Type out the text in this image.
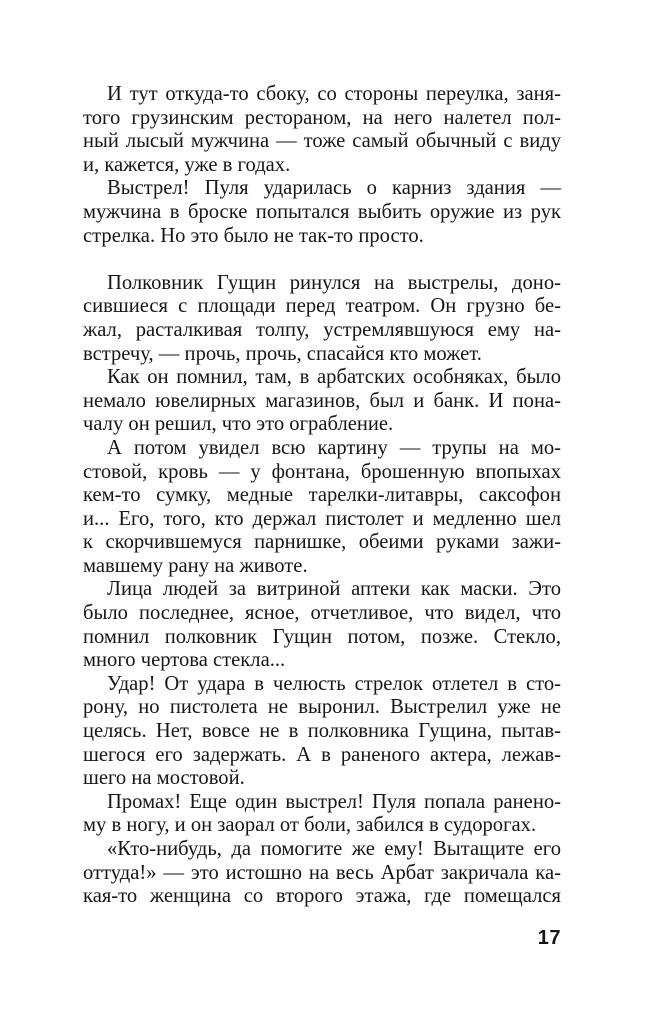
И тут откуда-то сбоку, со стороны переулка, заня-
того грузинским рестораном, на него налетел пол-
ный лысый мужчина — тоже самый обычный с виду
и, кажется, уже в годах.
Выстрел! Пуля ударилась о карниз здания —
мужчина в броске попытался выбить оружие из рук
стрелка. Но это было не так-то просто.
Полковник Гущин ринулся на выстрелы, доно-
сившиеся с площади перед театром. Он грузно бе-
жал, расталкивая толпу, устремлявшуюся ему на-
встречу, — прочь, прочь, спасайся кто может.
Как он помнил, там, в арбатских особняках, было
немало ювелирных магазинов, был и банк. И пона-
чалу он решил, что это ограбление.
А потом увидел всю картину — трупы на мо-
стовой, кровь — у фонтана, брошенную впопыхах
кем-то сумку, медные тарелки-литавры, саксофон
и... Его, того, кто держал пистолет и медленно шел
к скорчившемуся парнишке, обеими руками зажи-
мавшему рану на животе.
Лица людей за витриной аптеки как маски. Это
было последнее, ясное, отчетливое, что видел, что
помнил полковник Гущин потом, позже. Стекло,
много чертова стекла...
Удар! От удара в челюсть стрелок отлетел в сто-
рону, но пистолета не выронил. Выстрелил уже не
целясь. Нет, вовсе не в полковника Гущина, пытав-
шегося его задержать. А в раненого актера, лежав-
шего на мостовой.
Промах! Еще один выстрел! Пуля попала ранено-
му в ногу, и он заорал от боли, забился в судорогах.
«Кто-нибудь, да помогите же ему! Вытащите его
оттуда!» — это истошно на весь Арбат закричала ка-
кая-то женщина со второго этажа, где помещался
17
